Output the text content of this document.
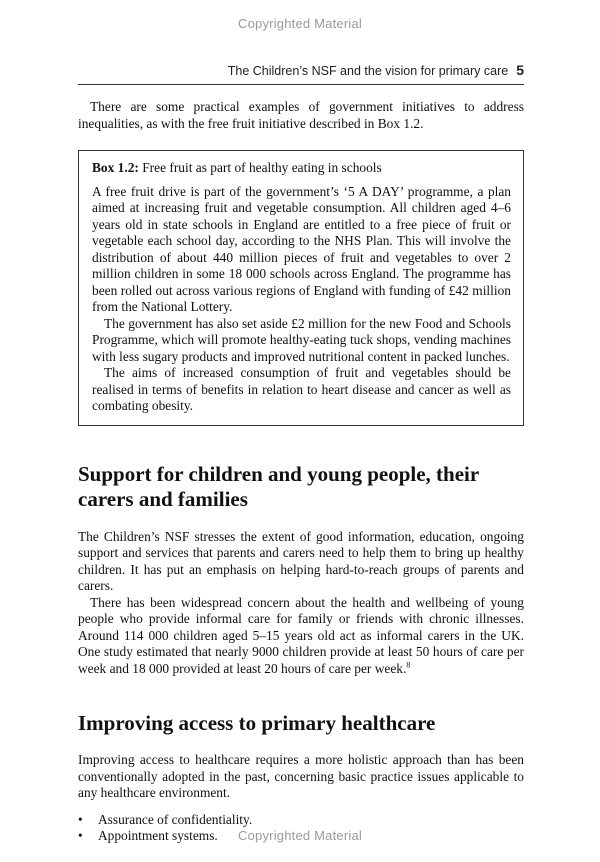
Copyrighted Material
The Children’s NSF and the vision for primary care 5

There are some practical examples of government initiatives to address inequalities, as with the free fruit initiative described in Box 1.2.

Box 1.2: Free fruit as part of healthy eating in schools

A free fruit drive is part of the government’s ‘5 A DAY’ programme, a plan aimed at increasing fruit and vegetable consumption. All children aged 4–6 years old in state schools in England are entitled to a free piece of fruit or vegetable each school day, according to the NHS Plan. This will involve the distribution of about 440 million pieces of fruit and vegetables to over 2 million children in some 18 000 schools across England. The programme has been rolled out across various regions of England with funding of £42 million from the National Lottery.

The government has also set aside £2 million for the new Food and Schools Programme, which will promote healthy-eating tuck shops, vending machines with less sugary products and improved nutritional content in packed lunches.

The aims of increased consumption of fruit and vegetables should be realised in terms of benefits in relation to heart disease and cancer as well as combating obesity.

Support for children and young people, their carers and families

The Children’s NSF stresses the extent of good information, education, ongoing support and services that parents and carers need to help them to bring up healthy children. It has put an emphasis on helping hard-to-reach groups of parents and carers.

There has been widespread concern about the health and wellbeing of young people who provide informal care for family or friends with chronic illnesses. Around 114 000 children aged 5–15 years old act as informal carers in the UK. One study estimated that nearly 9000 children provide at least 50 hours of care per week and 18 000 provided at least 20 hours of care per week.$^8$

Improving access to primary healthcare

Improving access to healthcare requires a more holistic approach than has been conventionally adopted in the past, concerning basic practice issues applicable to any healthcare environment.

• Assurance of confidentiality.
• Appointment systems.	Copyrighted Material
